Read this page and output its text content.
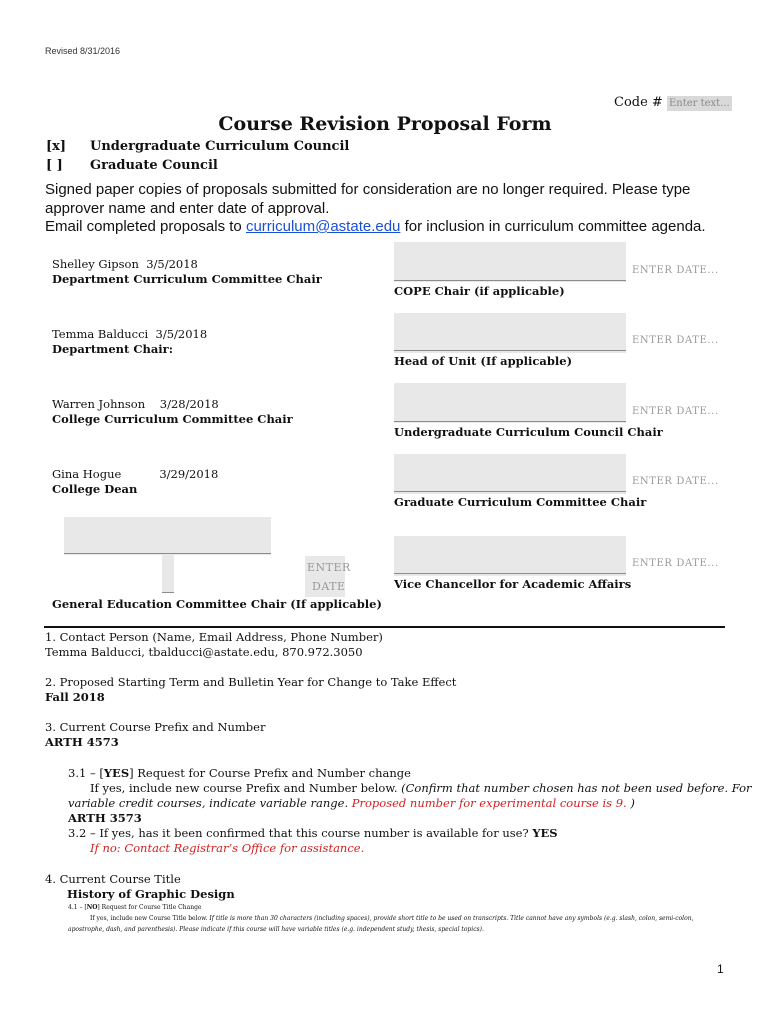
Revised 8/31/2016
Code # Enter text...
Course Revision Proposal Form
[x] Undergraduate Curriculum Council
[ ] Graduate Council
Signed paper copies of proposals submitted for consideration are no longer required. Please type
approver name and enter date of approval.
Email completed proposals to curriculum@astate.edu for inclusion in curriculum committee agenda.
Shelley Gipson 3/5/2018
Department Curriculum Committee Chair
Temma Balducci 3/5/2018
Department Chair:
Warren Johnson 3/28/2018
College Curriculum Committee Chair
Gina Hogue	3/29/2018
College Dean
ENTER
DATE
General Education Committee Chair (If applicable)
ENTER DATE...
COPE Chair (if applicable)
ENTER DATE...
Head of Unit (If applicable)
ENTER DATE...
Undergraduate Curriculum Council Chair
ENTER DATE...
Graduate Curriculum Committee Chair
ENTER DATE...
Vice Chancellor for Academic Affairs
1. Contact Person (Name, Email Address, Phone Number)
Temma Balducci, tbalducci@astate.edu, 870.972.3050
2. Proposed Starting Term and Bulletin Year for Change to Take Effect
Fall 2018
3. Current Course Prefix and Number
ARTH 4573
3.1 – [YES] Request for Course Prefix and Number change
If yes, include new course Prefix and Number below. (Confirm that number chosen has not been used before. For
variable credit courses, indicate variable range. Proposed number for experimental course is 9. )
ARTH 3573
3.2 – If yes, has it been confirmed that this course number is available for use? YES
If no: Contact Registrar’s Office for assistance.
4. Current Course Title
History of Graphic Design
4.1 – [NO] Request for Course Title Change
If yes, include new Course Title below. If title is more than 30 characters (including spaces), provide short title to be used on transcripts. Title cannot have any symbols (e.g. slash, colon, semi-colon,
apostrophe, dash, and parenthesis). Please indicate if this course will have variable titles (e.g. independent study, thesis, special topics).
1
